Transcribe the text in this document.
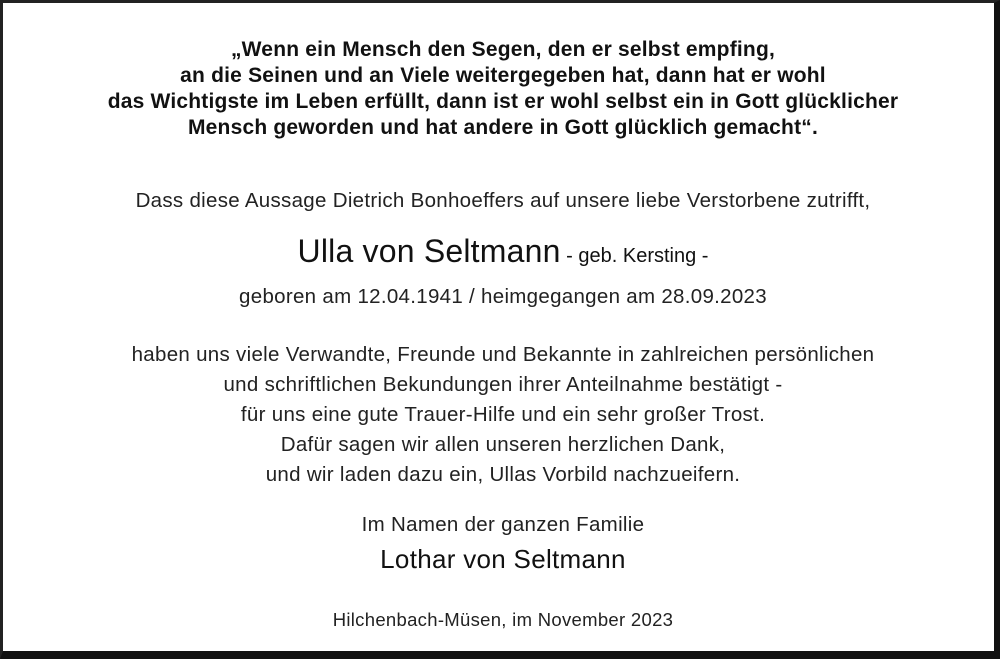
„Wenn ein Mensch den Segen, den er selbst empfing,
an die Seinen und an Viele weitergegeben hat, dann hat er wohl
das Wichtigste im Leben erfüllt, dann ist er wohl selbst ein in Gott glücklicher
Mensch geworden und hat andere in Gott glücklich gemacht“.
Dass diese Aussage Dietrich Bonhoeffers auf unsere liebe Verstorbene zutrifft,
Ulla von Seltmann - geb. Kersting -
geboren am 12.04.1941 / heimgegangen am 28.09.2023
haben uns viele Verwandte, Freunde und Bekannte in zahlreichen persönlichen
und schriftlichen Bekundungen ihrer Anteilnahme bestätigt -
für uns eine gute Trauer-Hilfe und ein sehr großer Trost.
Dafür sagen wir allen unseren herzlichen Dank,
und wir laden dazu ein, Ullas Vorbild nachzueifern.
Im Namen der ganzen Familie
Lothar von Seltmann
Hilchenbach-Müsen, im November 2023
